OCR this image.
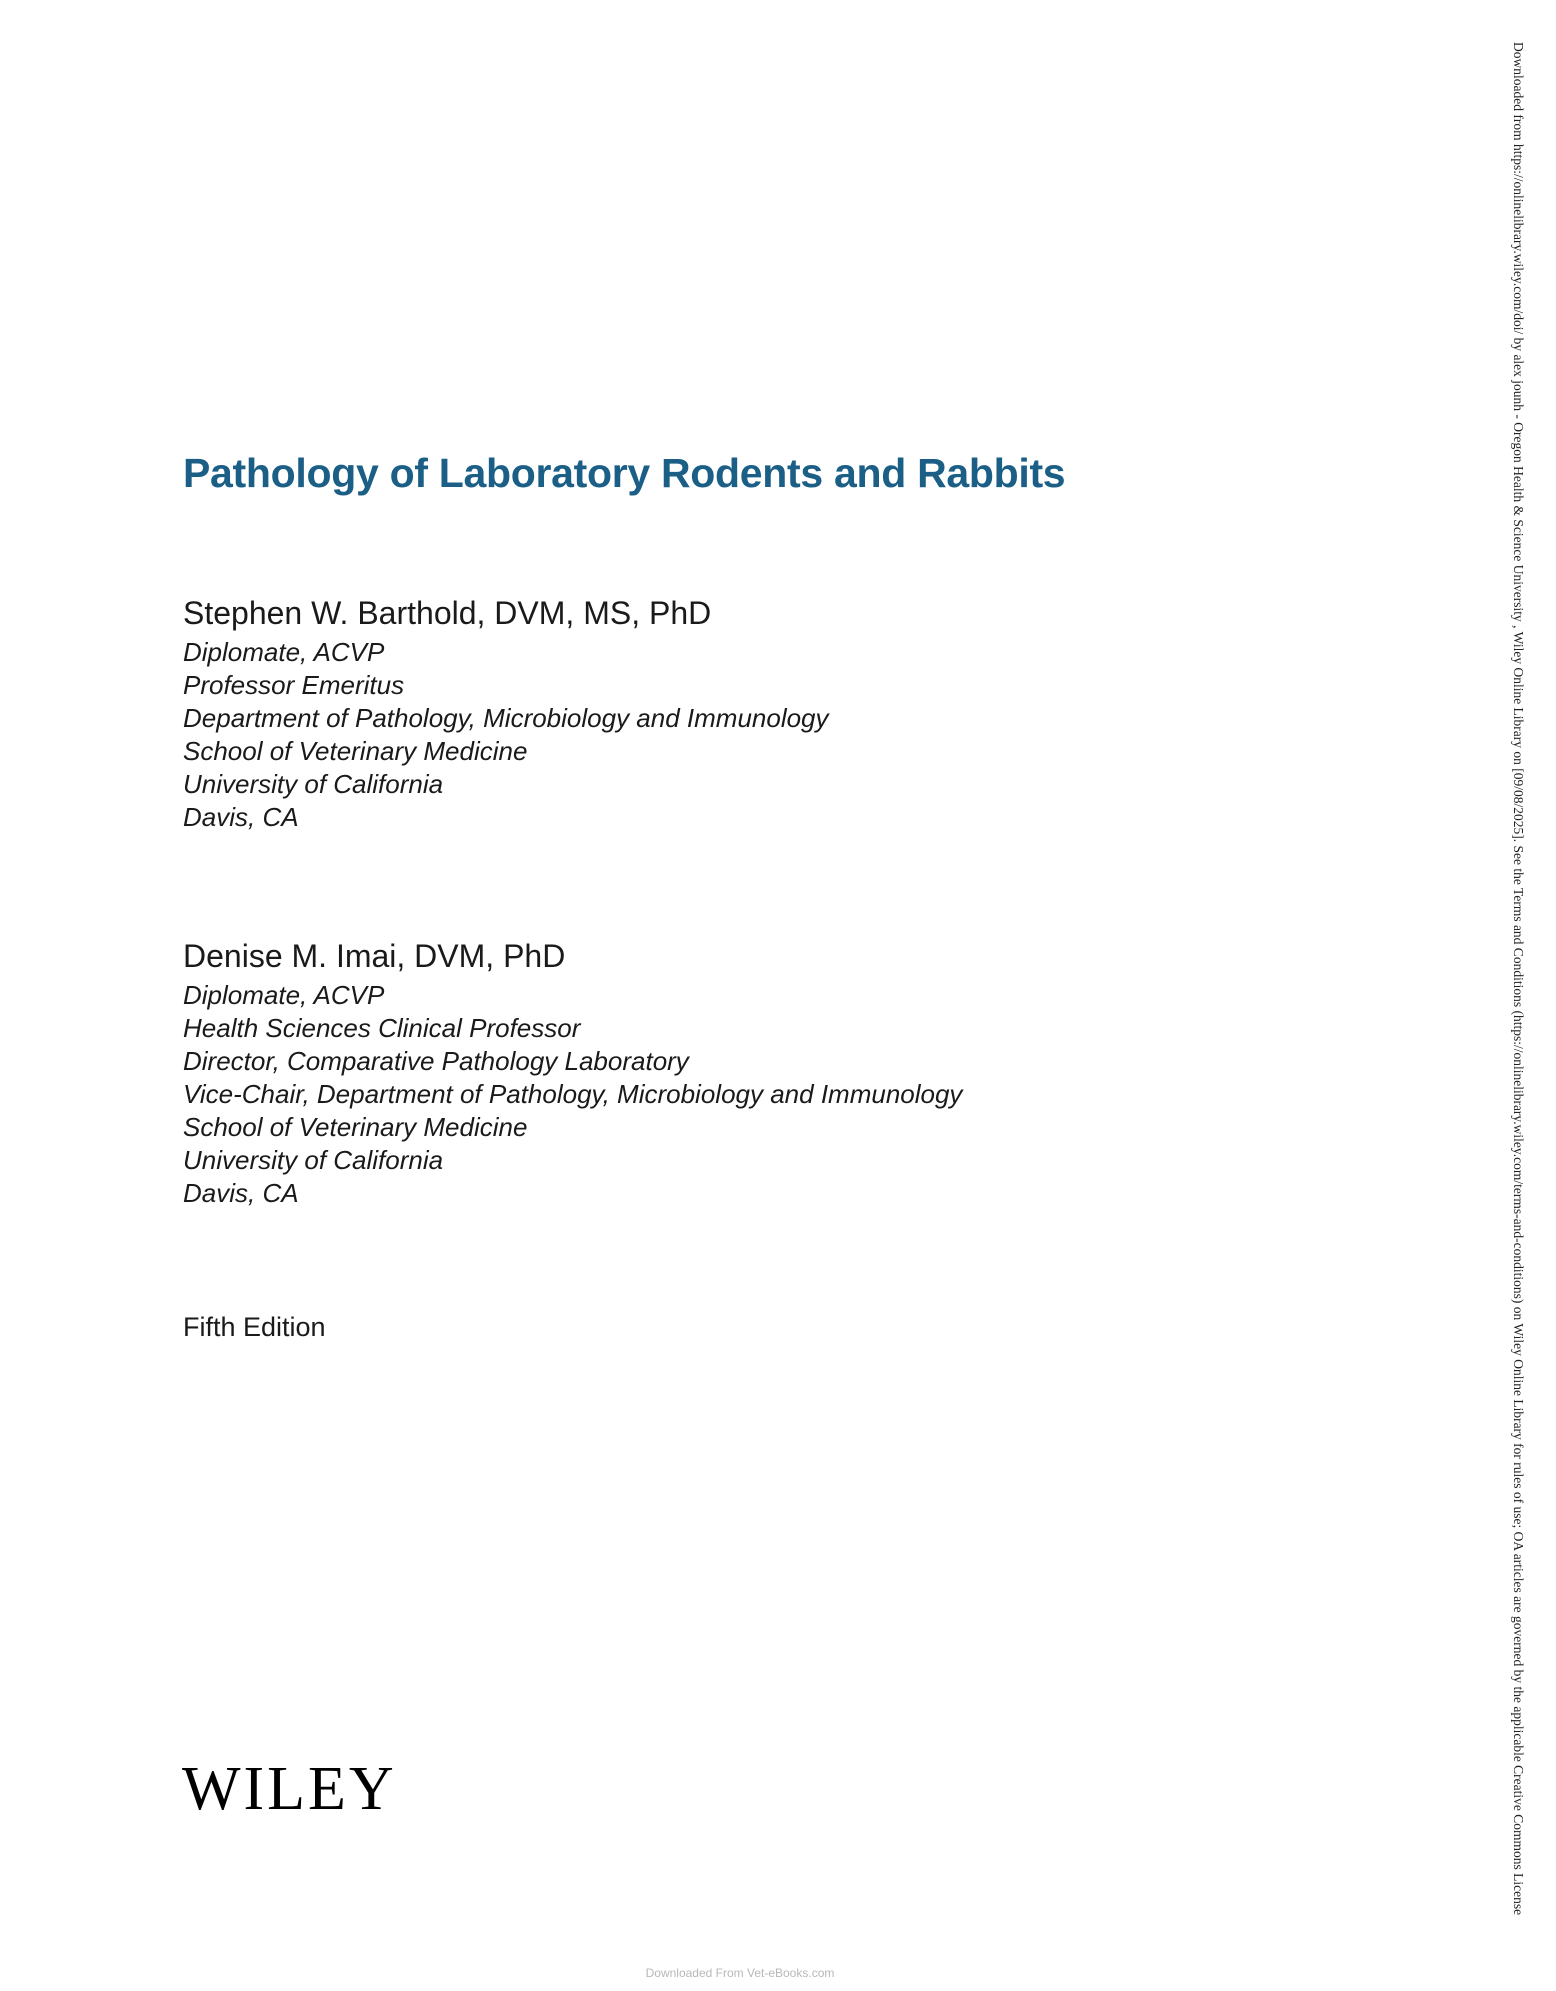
Pathology of Laboratory Rodents and Rabbits

Stephen W. Barthold, DVM, MS, PhD

Diplomate, ACVP

Professor Emeritus

Department of Pathology, Microbiology and Immunology

School of Veterinary Medicine

University of California

Davis, CA

Denise M. Imai, DVM, PhD

Diplomate, ACVP

Health Sciences Clinical Professor

Director, Comparative Pathology Laboratory

Vice-Chair, Department of Pathology, Microbiology and Immunology

School of Veterinary Medicine

University of California

Davis, CA

Fifth Edition
WILEY	Downloaded from https://onlinelibrary.wiley.com/doi/ by alex jounh - Oregon Health & Science University , Wiley Online Library on [09/08/2025]. See the Terms and Conditions (https://onlinelibrary.wiley.com/terms-and-conditions) on Wiley Online Library for rules of use; OA articles are governed by the applicable Creative Commons License
Downloaded From Vet-eBooks.com
